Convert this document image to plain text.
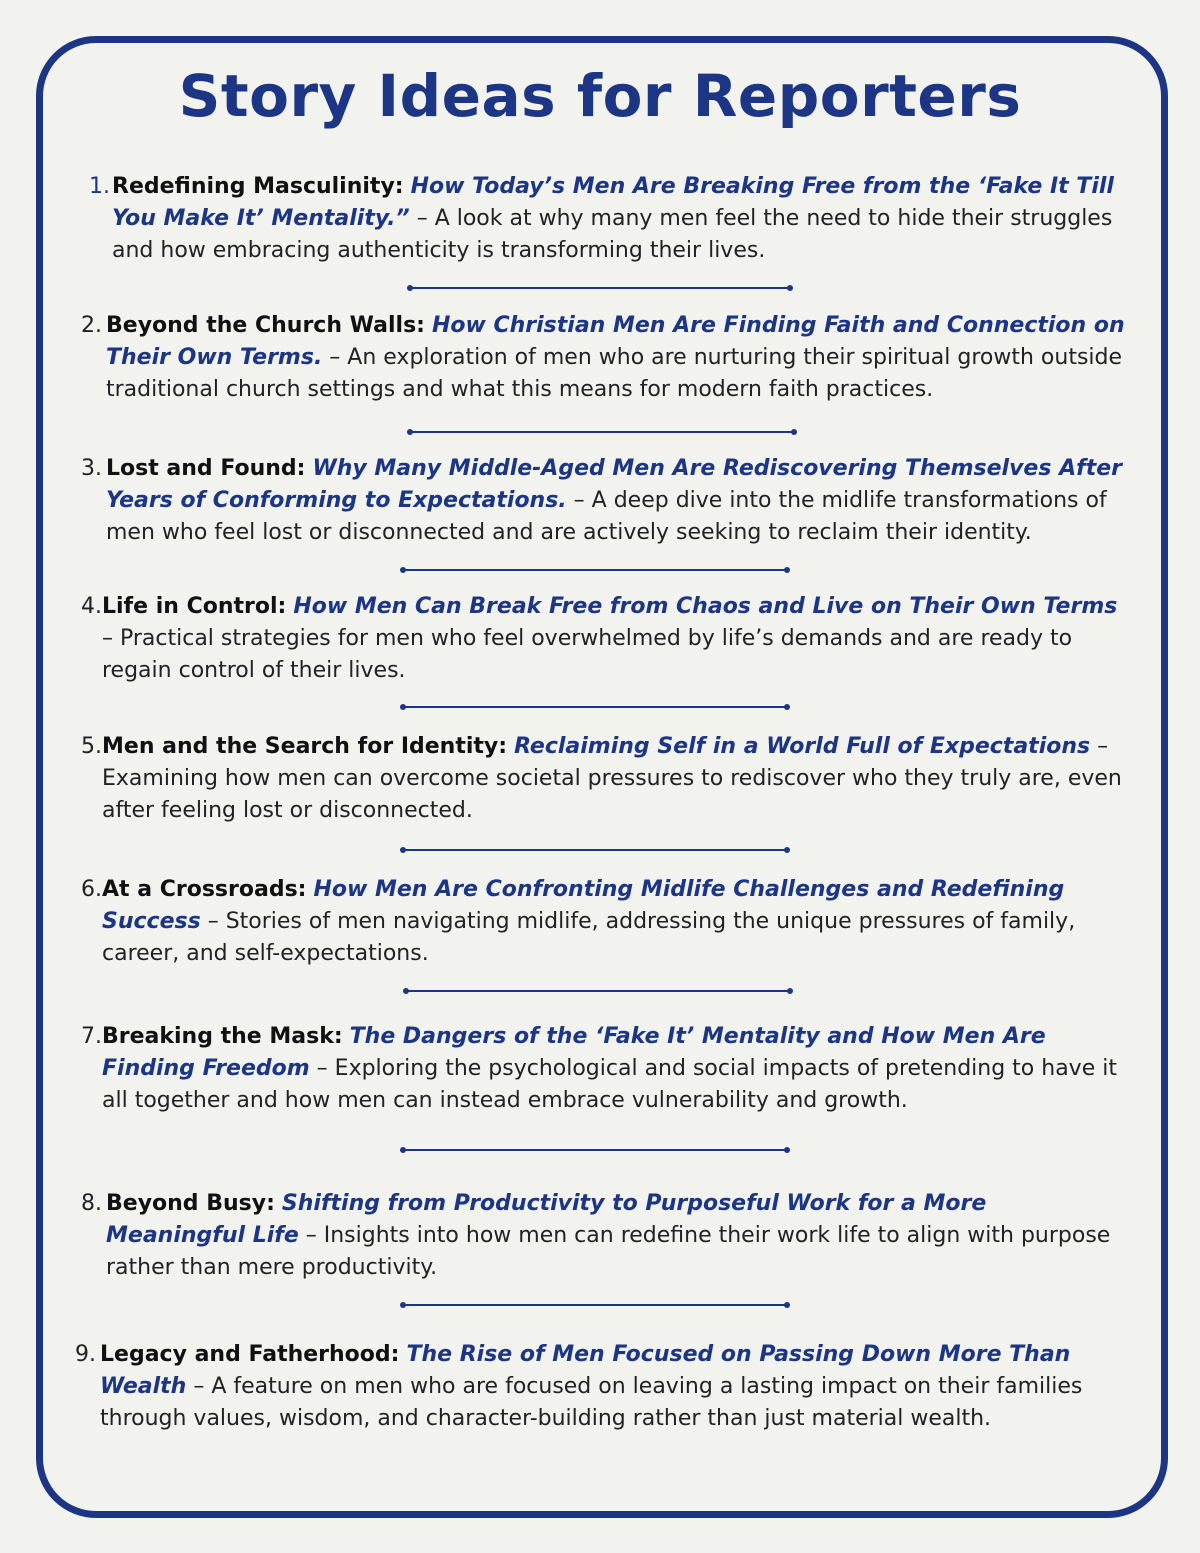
Story Ideas for Reporters
1. Redefining Masculinity: How Today’s Men Are Breaking Free from the ‘Fake It Till You Make It’ Mentality.” – A look at why many men feel the need to hide their struggles and how embracing authenticity is transforming their lives.

2. Beyond the Church Walls: How Christian Men Are Finding Faith and Connection on Their Own Terms. – An exploration of men who are nurturing their spiritual growth outside traditional church settings and what this means for modern faith practices.

3. Lost and Found: Why Many Middle-Aged Men Are Rediscovering Themselves After Years of Conforming to Expectations. – A deep dive into the midlife transformations of men who feel lost or disconnected and are actively seeking to reclaim their identity.

4. Life in Control: How Men Can Break Free from Chaos and Live on Their Own Terms – Practical strategies for men who feel overwhelmed by life’s demands and are ready to regain control of their lives.

5. Men and the Search for Identity: Reclaiming Self in a World Full of Expectations – Examining how men can overcome societal pressures to rediscover who they truly are, even after feeling lost or disconnected.

6. At a Crossroads: How Men Are Confronting Midlife Challenges and Redefining Success – Stories of men navigating midlife, addressing the unique pressures of family, career, and self-expectations.

7. Breaking the Mask: The Dangers of the ‘Fake It’ Mentality and How Men Are Finding Freedom – Exploring the psychological and social impacts of pretending to have it all together and how men can instead embrace vulnerability and growth.

8. Beyond Busy: Shifting from Productivity to Purposeful Work for a More Meaningful Life – Insights into how men can redefine their work life to align with purpose rather than mere productivity.

9. Legacy and Fatherhood: The Rise of Men Focused on Passing Down More Than Wealth – A feature on men who are focused on leaving a lasting impact on their families through values, wisdom, and character-building rather than just material wealth.
